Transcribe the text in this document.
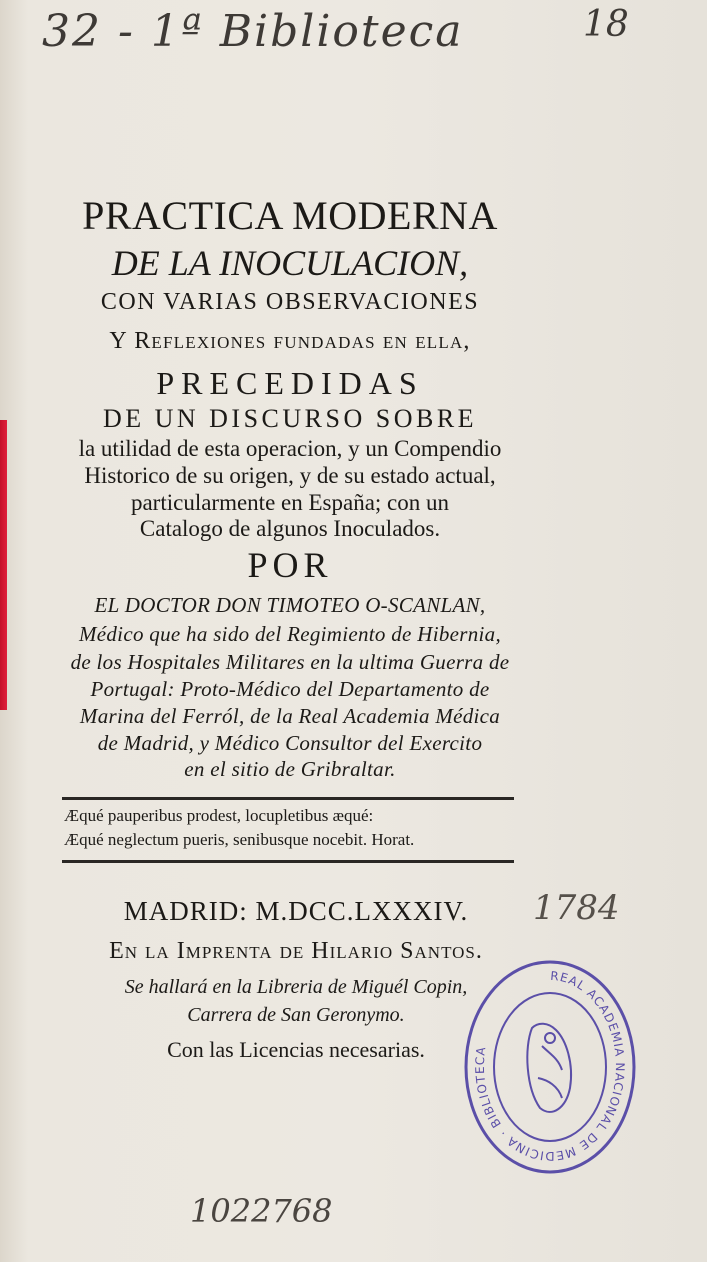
32 - 1ª Biblioteca	18
PRACTICA MODERNA
DE LA INOCULACION,
CON VARIAS OBSERVACIONES
Y Reflexiones fundadas en ella,
PRECEDIDAS
DE UN DISCURSO SOBRE
la utilidad de esta operacion, y un Compendio
Historico de su origen, y de su estado actual,
particularmente en España; con un
Catalogo de algunos Inoculados.
POR
EL DOCTOR DON TIMOTEO O-SCANLAN,
Médico que ha sido del Regimiento de Hibernia,
de los Hospitales Militares en la ultima Guerra de
Portugal: Proto-Médico del Departamento de
Marina del Ferról, de la Real Academia Médica
de Madrid, y Médico Consultor del Exercito
en el sitio de Gribraltar.
Æqué pauperibus prodest, locupletibus æqué:
Æqué neglectum pueris, senibusque nocebit. Horat.
MADRID: M.DCC.LXXXIV.
En la Imprenta de Hilario Santos.
Se hallará en la Libreria de Miguél Copin,
Carrera de San Geronymo.
Con las Licencias necesarias.
1784
REAL ACADEMIA NACIONAL DE MEDICINA · BIBLIOTECA
1022768
